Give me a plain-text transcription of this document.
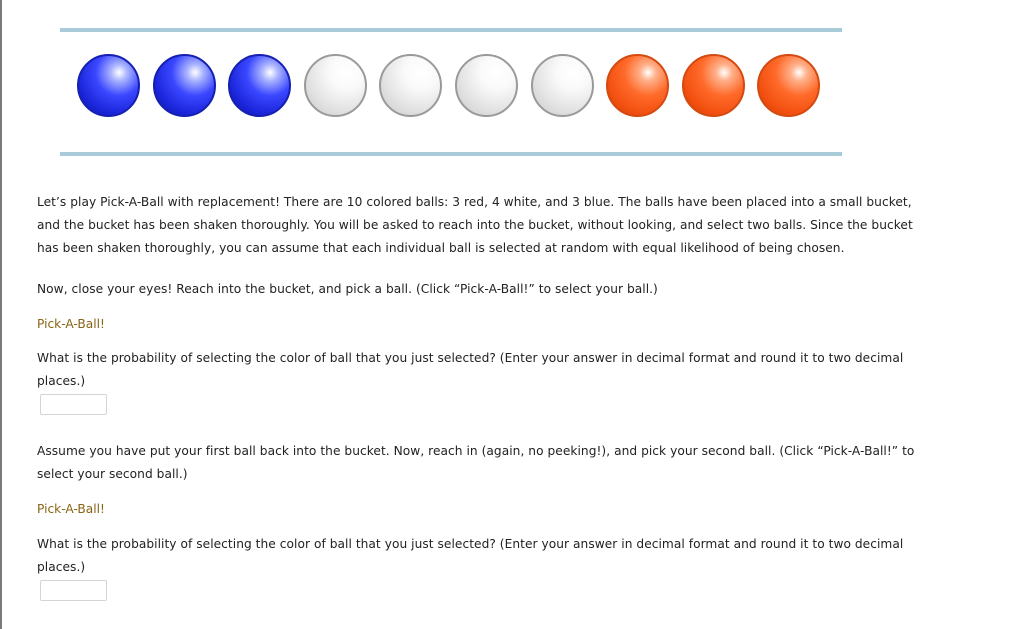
Let’s play Pick-A-Ball with replacement! There are 10 colored balls: 3 red, 4 white, and 3 blue. The balls have been placed into a small bucket, and the bucket has been shaken thoroughly. You will be asked to reach into the bucket, without looking, and select two balls. Since the bucket has been shaken thoroughly, you can assume that each individual ball is selected at random with equal likelihood of being chosen.

Now, close your eyes! Reach into the bucket, and pick a ball. (Click “Pick-A-Ball!” to select your ball.)

Pick-A-Ball!

What is the probability of selecting the color of ball that you just selected? (Enter your answer in decimal format and round it to two decimal places.)

Assume you have put your first ball back into the bucket. Now, reach in (again, no peeking!), and pick your second ball. (Click “Pick-A-Ball!” to select your second ball.)

Pick-A-Ball!

What is the probability of selecting the color of ball that you just selected? (Enter your answer in decimal format and round it to two decimal places.)
